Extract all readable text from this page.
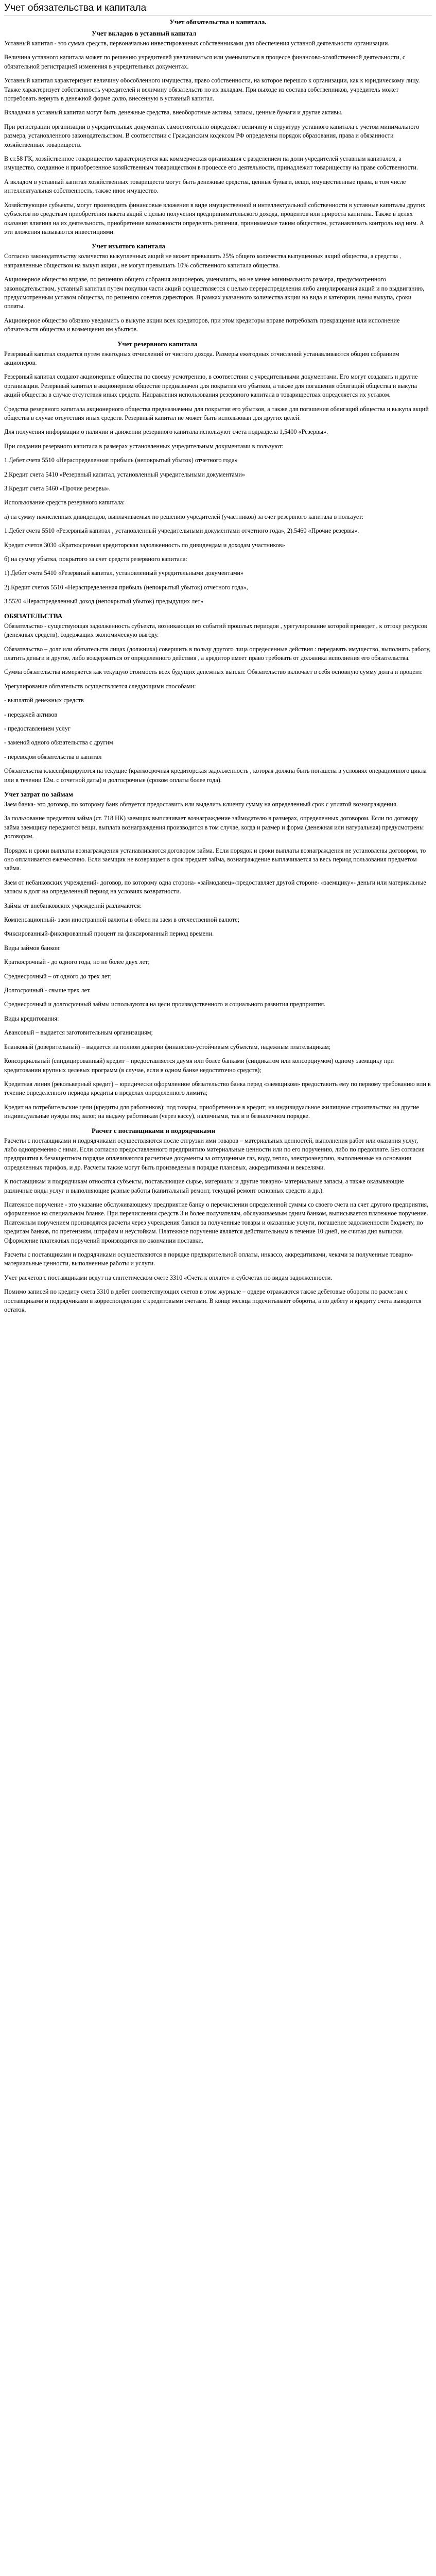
Учет обязательства и капитала
Учет обязательства и капитала.
Учет вкладов в уставный капитал

Уставный капитал - это сумма средств, первоначально инвестированных собственниками для обеспечения уставной деятельности организации.

Величина уставного капитала может по решению учредителей увеличиваться или уменьшаться в процессе финансово-хозяйственной деятельности, с обязательной регистрацией изменения в учредительных документах.

Уставный капитал характеризует величину обособленного имущества, право собственности, на которое перешло к организации, как к юридическому лицу. Также характеризует собственность учредителей и величину обязательств по их вкладам. При выходе из состава собственников, учредитель может потребовать вернуть в денежной форме долю, внесенную в уставный капитал.

Вкладами в уставный капитал могут быть денежные средства, внеоборотные активы, запасы, ценные бумаги и другие активы.

При регистрации организации в учредительных документах самостоятельно определяет величину и структуру уставного капитала с учетом минимального размера, установленного законодательством. В соответствии с Гражданским кодексом РФ определены порядок образования, права и обязанности хозяйственных товариществ.

В ст.58 ГК, хозяйственное товарищество характеризуется как коммерческая организация с разделением на доли учредителей уставным капиталом, а имущество, созданное и приобретенное хозяйственным товариществом в процессе его деятельности, принадлежит товариществу на праве собственности.

А вкладом в уставный капитал хозяйственных товариществ могут быть денежные средства, ценные бумаги, вещи, имущественные права, в том числе интеллектуальная собственность, также иное имущество.

Хозяйствующие субъекты, могут производить финансовые вложения в виде имущественной и интеллектуальной собственности в уставные капиталы других субъектов по средствам приобретения пакета акций с целью получения предпринимательского дохода, процентов или прироста капитала. Также в целях оказания влияния на их деятельность, приобретение возможности определять решения, принимаемые таким обществом, устанавливать контроль над ним. А эти вложения называются инвестициями.

Учет изъятого капитала

Согласно законодательству количество выкупленных акций не может превышать 25% общего количества выпущенных акций общества, а средства , направленные обществом на выкуп акции , не могут превышать 10% собственного капитала общества.

Акционерное общество вправе, по решению общего собрания акционеров, уменьшить, но не менее минимального размера, предусмотренного законодательством, уставный капитал путем покупки части акций осуществляется с целью перераспределения либо аннулирования акций и по выдвиганию, предусмотренным уставом общества, по решению советов директоров. В рамках указанного количества акции на вида и категории, цены выкупа, сроки оплаты.

Акционерное общество обязано уведомить о выкупе акции всех кредиторов, при этом кредиторы вправе потребовать прекращение или исполнение обязательств общества и возмещения им убытков.

Учет резервного капитала

Резервный капитал создается путем ежегодных отчислений от чистого дохода. Размеры ежегодных отчислений устанавливаются общим собранием акционеров.

Резервный капитал создают акционерные общества по своему усмотрению, в соответствии с учредительными документами. Его могут создавать и другие организации. Резервный капитал в акционерном обществе предназначен для покрытия его убытков, а также для погашения облигаций общества и выкупа акций общества в случае отсутствия иных средств. Направления использования резервного капитала в товариществах определяется их уставом.

Средства резервного капитала акционерного общества предназначены для покрытия его убытков, а также для погашения облигаций общества и выкупа акций общества в случае отсутствия иных средств. Резервный капитал не может быть использован для других целей.

Для получения информации о наличии и движении резервного капитала используют счета подраздела 1,5400 «Резервы».

При создании резервного капитала в размерах установленных учредительным документами в пользуют:

1.Дебет счета 5510 «Нераспределенная прибыль (непокрытый убыток) отчетного года»

2.Кредит счета 5410 «Резервный капитал, установленный учредительными документами»

3.Кредит счета 5460 «Прочие резервы».

Использование средств резервного капитала:

а) на сумму начисленных дивидендов, выплачиваемых по решению учредителей (участников) за счет резервного капитала в пользует:

1.Дебет счета 5510 «Резервный капитал , установленный учредительными документами отчетного года», 2).5460 «Прочие резервы».

Кредит счетов 3030 «Краткосрочная кредиторская задолженность по дивидендам и доходам участников»

б) на сумму убытка, покрытого за счет средств резервного капитала:

1).Дебет счета 5410 «Резервный капитал, установленный учредительными документами»

2).Кредит счетов 5510 «Нераспределенная прибыль (непокрытый убыток) отчетного года»,

3.5520 «Нераспределенный доход (непокрытый убыток) предыдущих лет»

ОБЯЗАТЕЛЬСТВА

Обязательство - существующая задолженность субъекта, возникающая из событий прошлых периодов , урегулирование которой приведет , к оттоку ресурсов (денежных средств), содержащих экономическую выгоду.

Обязательство – долг или обязательств лицах (должника) совершить в пользу другого лица определенные действия : передавать имущество, выполнять работу, платить деньги и другое, либо воздержаться от определенного действия , а кредитор имеет право требовать от должника исполнения его обязательства.

Сумма обязательства измеряется как текущую стоимость всех будущих денежных выплат. Обязательство включает в себя основную сумму долга и процент.

Урегулирование обязательств осуществляется следующими способами:

- выплатой денежных средств

- передачей активов

- предоставлением услуг

- заменой одного обязательства с другим

- переводом обязательства в капитал

Обязательства классифицируются на текущие (краткосрочная кредиторская задолженность , которая должна быть погашена в условиях операционного цикла или в течении 12м. с отчетной даты) и долгосрочные (сроком оплаты более года).

Учет затрат по займам

Заем банка- это договор, по которому банк обязуется предоставить или выделить клиенту сумму на определенный срок с уплатой вознаграждения.

За пользование предметом займа (ст. 718 НК) заемщик выплачивает вознаграждение займодателю в размерах, определенных договором. Если по договору займа заемщику передаются вещи, выплата вознаграждения производится в том случае, когда и размер и форма (денежная или натуральная) предусмотрены договором.

Порядок и сроки выплаты вознаграждения устанавливаются договором займа. Если порядок и сроки выплаты вознаграждения не установлены договором, то оно оплачивается ежемесячно. Если заемщик не возвращает в срок предмет займа, вознаграждение выплачивается за весь период пользования предметом займа.

Заем от небанковских учреждений- договор, по которому одна сторона- «займодавец»-предоставляет другой стороне- «заемщику»- деньги или материальные запасы в долг на определенный период на условиях возвратности.

Займы от внебанковских учреждений различаются:

Компенсационный- заем иностранной валюты в обмен на заем в отечественной валюте;

Фиксированный-фиксированный процент на фиксированный период времени.

Виды займов банков:

Краткосрочный - до одного года, но не более двух лет;

Среднесрочный – от одного до трех лет;

Долгосрочный - свыше трех лет.

Среднесрочный и долгосрочный займы используются на цели производственного и социального развития предприятия.

Виды кредитования:

Авансовый – выдается заготовительным организациям;

Бланковый (доверительный) – выдается на полном доверии финансово-устойчивым субъектам, надежным плательщикам;

Консорциальный (синдицированный) кредит – предоставляется двумя или более банками (синдикатом или консорциумом) одному заемщику при кредитовании крупных целевых программ (в случае, если в одном банке недостаточно средств);

Кредитная линия (револьверный кредит) – юридически оформленное обязательство банка перед «заемщиком» предоставить ему по первому требованию или в течение определенного периода кредиты в пределах определенного лимита;

Кредит на потребительские цели (кредиты для работников): под товары, приобретенные в кредит; на индивидуальное жилищное строительство; на другие индивидуальные нужды под залог, на выдачу работникам (через кассу), наличными, так и в безналичном порядке.

Расчет с поставщиками и подрядчиками

Расчеты с поставщиками и подрядчиками осуществляются после отгрузки ими товаров – материальных ценностей, выполнения работ или оказания услуг, либо одновременно с ними. Если согласно предоставленного предприятию материальные ценности или по его поручению, либо по предоплате. Без согласия предприятия в безакцептном порядке оплачиваются расчетные документы за отпущенные газ, воду, тепло, электроэнергию, выполненные на основании определенных тарифов, и др. Расчеты также могут быть произведены в порядке плановых, аккредитивами и векселями.

К поставщикам и подрядчикам относятся субъекты, поставляющие сырье, материалы и другие товарно- материальные запасы, а также оказывающие различные виды услуг и выполняющие разные работы (капитальный ремонт, текущий ремонт основных средств и др.).

Платежное поручение - это указание обслуживающему предприятие банку о перечислении определенной суммы со своего счета на счет другого предприятия, оформленное на специальном бланке. При перечислении средств 3 и более получателям, обслуживаемым одним банком, выписывается платежное поручение. Платежным поручением производятся расчеты через учреждения банков за полученные товары и оказанные услуги, погашение задолженности бюджету, по кредитам банков, по претензиям, штрафам и неустойкам. Платежное поручение является действительным в течение 10 дней, не считая дня выписки. Оформление платежных поручений производится по окончании поставки.

Расчеты с поставщиками и подрядчиками осуществляются в порядке предварительной оплаты, инкассо, аккредитивами, чеками за полученные товарно- материальные ценности, выполненные работы и услуги.

Учет расчетов с поставщиками ведут на синтетическом счете 3310 «Счета к оплате» и субсчетах по видам задолженности.

Помимо записей по кредиту счета 3310 в дебет соответствующих счетов в этом журнале – ордере отражаются также дебетовые обороты по расчетам с поставщиками и подрядчиками в корреспонденции с кредитовыми счетами. В конце месяца подсчитывают обороты, а по дебету и кредиту счета выводится остаток.
